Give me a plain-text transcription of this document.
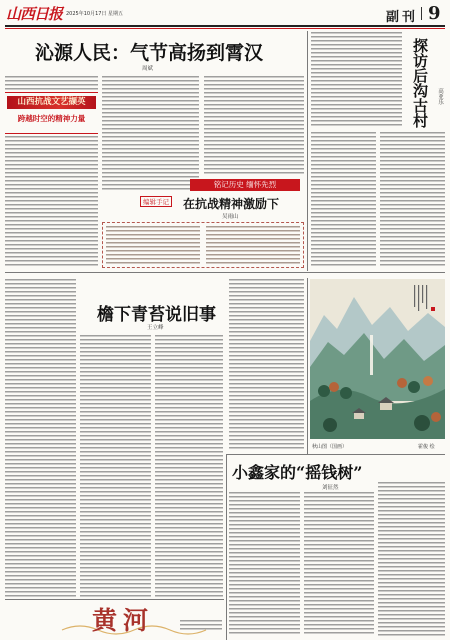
山西日报 2025年10月17日 星期五	副刊 9
沁源人民：气节高扬到霄汉
周斌
山西抗战文艺撷英
跨越时空的精神力量
铭记历史 缅怀先烈
编辑手记 在抗战精神激励下
吴雨山
探访后沟古村	高亚乐
檐下青苔说旧事
王立峰
秋山图（国画）	霍俊 绘
小鑫家的“摇钱树”
刘征然
黄河
